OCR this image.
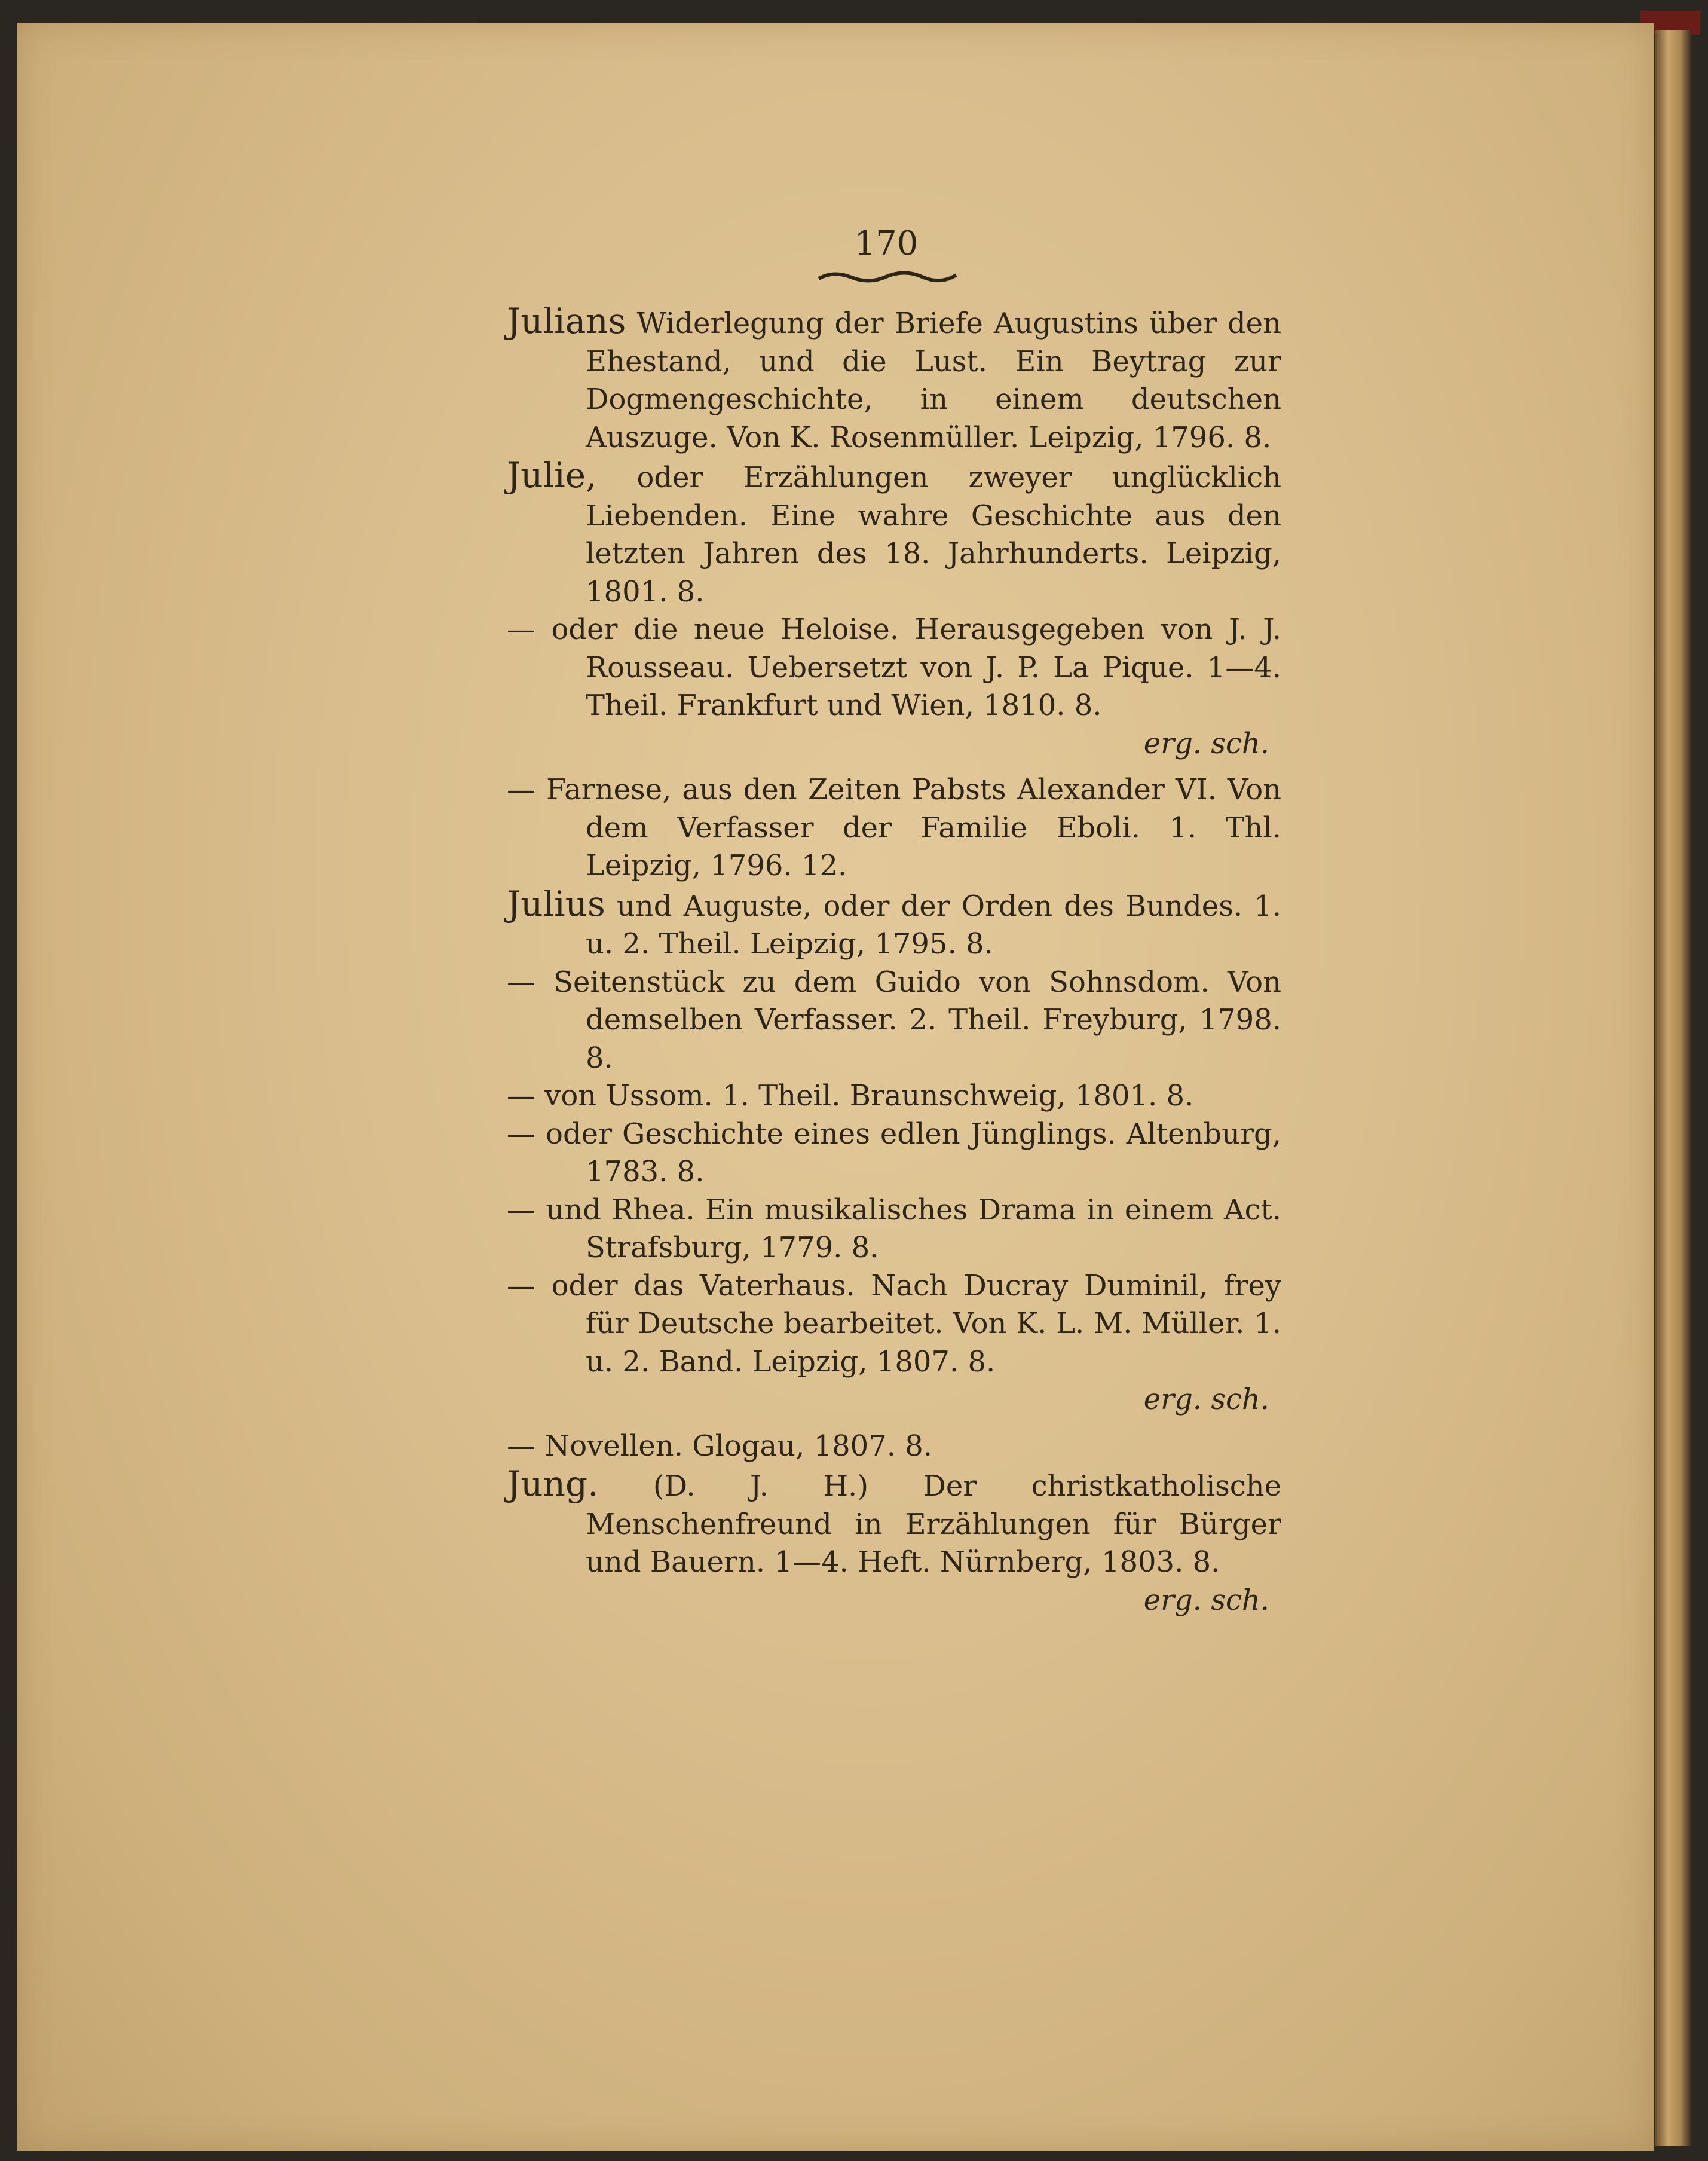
170
Julians Widerlegung der Briefe Augustins über den Ehestand, und die Lust. Ein Beytrag zur Dogmengeschichte, in einem deutschen Auszuge. Von K. Rosenmüller. Leipzig, 1796. 8.
Julie, oder Erzählungen zweyer unglücklich Liebenden. Eine wahre Geschichte aus den letzten Jahren des 18. Jahrhunderts. Leipzig, 1801. 8.
— oder die neue Heloise. Herausgegeben von J. J. Rousseau. Uebersetzt von J. P. La Pique. 1—4. Theil. Frankfurt und Wien, 1810. 8.
erg. sch.
— Farnese, aus den Zeiten Pabsts Alexander VI. Von dem Verfasser der Familie Eboli. 1. Thl. Leipzig, 1796. 12.
Julius und Auguste, oder der Orden des Bundes. 1. u. 2. Theil. Leipzig, 1795. 8.
— Seitenstück zu dem Guido von Sohnsdom. Von demselben Verfasser. 2. Theil. Freyburg, 1798. 8.
— von Ussom. 1. Theil. Braunschweig, 1801. 8.
— oder Geschichte eines edlen Jünglings. Altenburg, 1783. 8.
— und Rhea. Ein musikalisches Drama in einem Act. Strafsburg, 1779. 8.
— oder das Vaterhaus. Nach Ducray Duminil, frey für Deutsche bearbeitet. Von K. L. M. Müller. 1. u. 2. Band. Leipzig, 1807. 8.
erg. sch.
— Novellen. Glogau, 1807. 8.
Jung. (D. J. H.) Der christkatholische Menschenfreund in Erzählungen für Bürger und Bauern. 1—4. Heft. Nürnberg, 1803. 8.
erg. sch.
